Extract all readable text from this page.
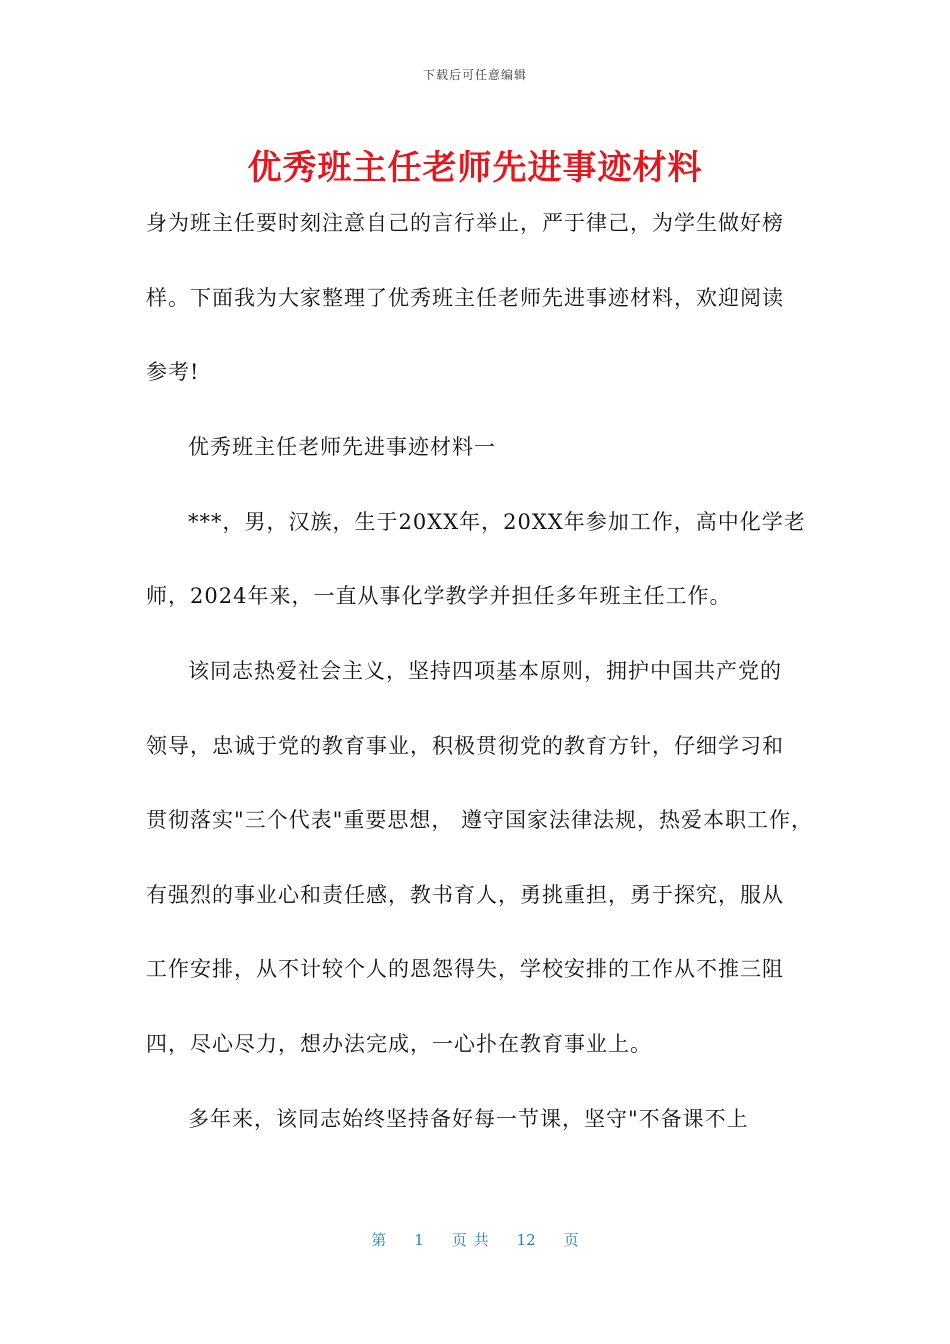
下载后可任意编辑
优秀班主任老师先进事迹材料
身为班主任要时刻注意自己的言行举止，严于律己，为学生做好榜
样。下面我为大家整理了优秀班主任老师先进事迹材料，欢迎阅读
参考!
优秀班主任老师先进事迹材料一
***，男，汉族，生于20XX年，20XX年参加工作，高中化学老
师，2024年来，一直从事化学教学并担任多年班主任工作。
该同志热爱社会主义，坚持四项基本原则，拥护中国共产党的
领导，忠诚于党的教育事业，积极贯彻党的教育方针，仔细学习和
贯彻落实"三个代表"重要思想， 遵守国家法律法规，热爱本职工作，
有强烈的事业心和责任感，教书育人，勇挑重担，勇于探究，服从
工作安排，从不计较个人的恩怨得失，学校安排的工作从不推三阻
四，尽心尽力，想办法完成，一心扑在教育事业上。
多年来，该同志始终坚持备好每一节课，坚守"不备课不上
第 1 页 共 12 页
